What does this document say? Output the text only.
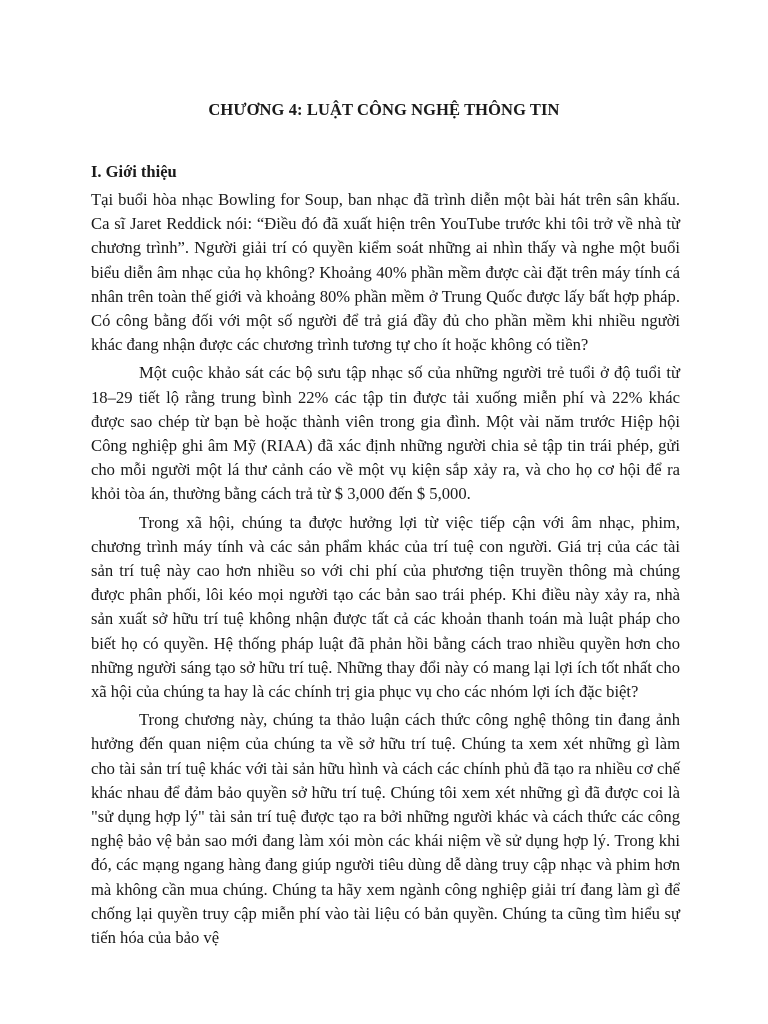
CHƯƠNG 4: LUẬT CÔNG NGHỆ THÔNG TIN
I. Giới thiệu

Tại buổi hòa nhạc Bowling for Soup, ban nhạc đã trình diễn một bài hát trên sân khấu. Ca sĩ Jaret Reddick nói: “Điều đó đã xuất hiện trên YouTube trước khi tôi trở về nhà từ chương trình”. Người giải trí có quyền kiểm soát những ai nhìn thấy và nghe một buổi biểu diễn âm nhạc của họ không? Khoảng 40% phần mềm được cài đặt trên máy tính cá nhân trên toàn thế giới và khoảng 80% phần mềm ở Trung Quốc được lấy bất hợp pháp. Có công bằng đối với một số người để trả giá đầy đủ cho phần mềm khi nhiều người khác đang nhận được các chương trình tương tự cho ít hoặc không có tiền?

Một cuộc khảo sát các bộ sưu tập nhạc số của những người trẻ tuổi ở độ tuổi từ 18–29 tiết lộ rằng trung bình 22% các tập tin được tải xuống miễn phí và 22% khác được sao chép từ bạn bè hoặc thành viên trong gia đình. Một vài năm trước Hiệp hội Công nghiệp ghi âm Mỹ (RIAA) đã xác định những người chia sẻ tập tin trái phép, gửi cho mỗi người một lá thư cảnh cáo về một vụ kiện sắp xảy ra, và cho họ cơ hội để ra khỏi tòa án, thường bằng cách trả từ $ 3,000 đến $ 5,000.

Trong xã hội, chúng ta được hưởng lợi từ việc tiếp cận với âm nhạc, phim, chương trình máy tính và các sản phẩm khác của trí tuệ con người. Giá trị của các tài sản trí tuệ này cao hơn nhiều so với chi phí của phương tiện truyền thông mà chúng được phân phối, lôi kéo mọi người tạo các bản sao trái phép. Khi điều này xảy ra, nhà sản xuất sở hữu trí tuệ không nhận được tất cả các khoản thanh toán mà luật pháp cho biết họ có quyền. Hệ thống pháp luật đã phản hồi bằng cách trao nhiều quyền hơn cho những người sáng tạo sở hữu trí tuệ. Những thay đổi này có mang lại lợi ích tốt nhất cho xã hội của chúng ta hay là các chính trị gia phục vụ cho các nhóm lợi ích đặc biệt?

Trong chương này, chúng ta thảo luận cách thức công nghệ thông tin đang ảnh hưởng đến quan niệm của chúng ta về sở hữu trí tuệ. Chúng ta xem xét những gì làm cho tài sản trí tuệ khác với tài sản hữu hình và cách các chính phủ đã tạo ra nhiều cơ chế khác nhau để đảm bảo quyền sở hữu trí tuệ. Chúng tôi xem xét những gì đã được coi là "sử dụng hợp lý" tài sản trí tuệ được tạo ra bởi những người khác và cách thức các công nghệ bảo vệ bản sao mới đang làm xói mòn các khái niệm về sử dụng hợp lý. Trong khi đó, các mạng ngang hàng đang giúp người tiêu dùng dễ dàng truy cập nhạc và phim hơn mà không cần mua chúng. Chúng ta hãy xem ngành công nghiệp giải trí đang làm gì để chống lại quyền truy cập miễn phí vào tài liệu có bản quyền. Chúng ta cũng tìm hiểu sự tiến hóa của bảo vệ
